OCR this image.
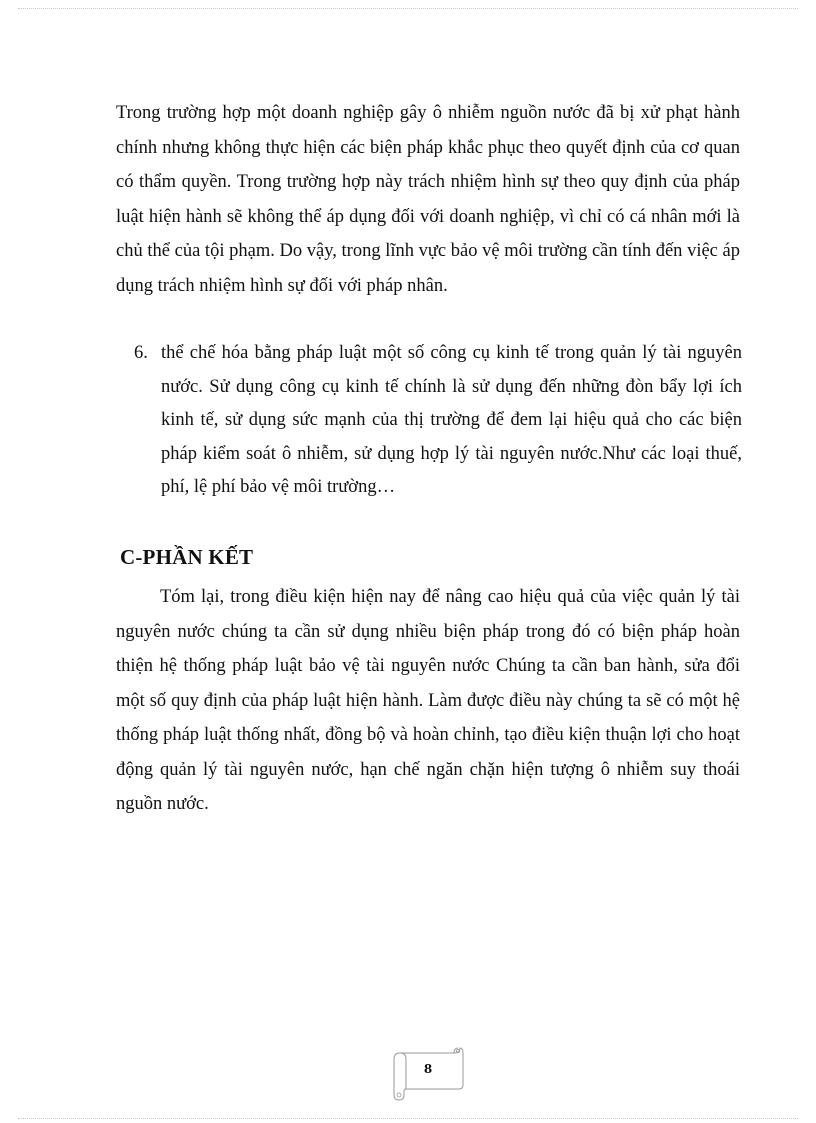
Trong trường hợp một doanh nghiệp gây ô nhiễm nguồn nước đã bị xử phạt hành chính nhưng không thực hiện các biện pháp khắc phục theo quyết định của cơ quan có thẩm quyền. Trong trường hợp này trách nhiệm hình sự theo quy định của pháp luật hiện hành sẽ không thể áp dụng đối với doanh nghiệp, vì chỉ có cá nhân mới là chủ thể của tội phạm. Do vậy, trong lĩnh vực bảo vệ môi trường cần tính đến việc áp dụng trách nhiệm hình sự đối với pháp nhân.

6. thể chế hóa bằng pháp luật một số công cụ kinh tế trong quản lý tài nguyên nước. Sử dụng công cụ kinh tế chính là sử dụng đến những đòn bẩy lợi ích kinh tế, sử dụng sức mạnh của thị trường để đem lại hiệu quả cho các biện pháp kiểm soát ô nhiễm, sử dụng hợp lý tài nguyên nước.Như các loại thuế, phí, lệ phí bảo vệ môi trường…

C-PHẦN KẾT

Tóm lại, trong điều kiện hiện nay để nâng cao hiệu quả của việc quản lý tài nguyên nước chúng ta cần sử dụng nhiều biện pháp trong đó có biện pháp hoàn thiện hệ thống pháp luật bảo vệ tài nguyên nước Chúng ta cần ban hành, sửa đổi một số quy định của pháp luật hiện hành. Làm được điều này chúng ta sẽ có một hệ thống pháp luật thống nhất, đồng bộ và hoàn chỉnh, tạo điều kiện thuận lợi cho hoạt động quản lý tài nguyên nước, hạn chế ngăn chặn hiện tượng ô nhiễm suy thoái nguồn nước.

8
